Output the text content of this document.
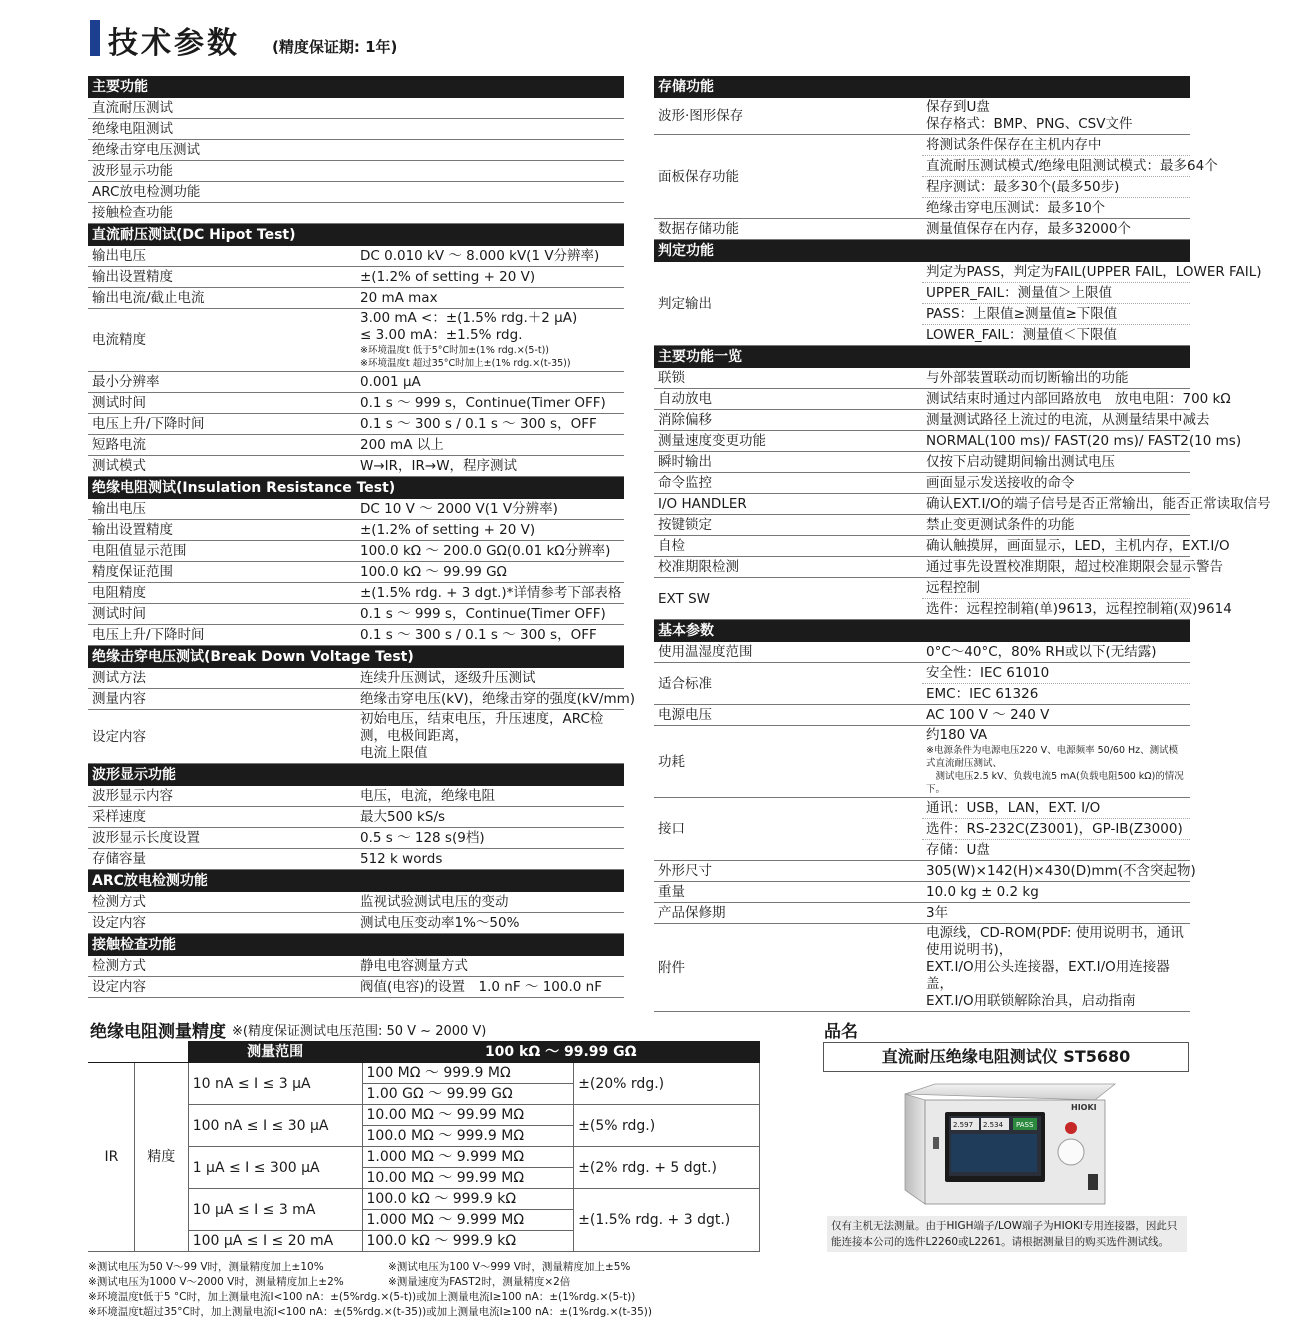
技术参数 (精度保证期: 1年)
主要功能	
直流耐压测试	
绝缘电阻测试	
绝缘击穿电压测试	
波形显示功能	
ARC放电检测功能	
接触检查功能	
直流耐压测试(DC Hipot Test)	
输出电压	DC 0.010 kV ～ 8.000 kV(1 V分辨率)
输出设置精度	±(1.2% of setting + 20 V)
输出电流/截止电流	20 mA max
电流精度	3.00 mA <：±(1.5% rdg.＋2 μA)
≤ 3.00 mA：±1.5% rdg.
※环境温度t 低于5°C时加±(1% rdg.×(5-t))
※环境温度t 超过35°C时加上±(1% rdg.×(t-35))

最小分辨率	0.001 μA
测试时间	0.1 s ～ 999 s，Continue(Timer OFF)
电压上升/下降时间	0.1 s ～ 300 s / 0.1 s ～ 300 s，OFF
短路电流	200 mA 以上
测试模式	W→IR，IR→W，程序测试
绝缘电阻测试(Insulation Resistance Test)	
输出电压	DC 10 V ～ 2000 V(1 V分辨率)
输出设置精度	±(1.2% of setting + 20 V)
电阻值显示范围	100.0 kΩ ～ 200.0 GΩ(0.01 kΩ分辨率)
精度保证范围	100.0 kΩ ～ 99.99 GΩ
电阻精度	±(1.5% rdg. + 3 dgt.)*详情参考下部表格
测试时间	0.1 s ～ 999 s，Continue(Timer OFF)
电压上升/下降时间	0.1 s ～ 300 s / 0.1 s ～ 300 s，OFF
绝缘击穿电压测试(Break Down Voltage Test)	
测试方法	连续升压测试，逐级升压测试
测量内容	绝缘击穿电压(kV)，绝缘击穿的强度(kV/mm)
设定内容	初始电压，结束电压，升压速度，ARC检测，电极间距离，
电流上限值

波形显示功能	
波形显示内容	电压，电流，绝缘电阻
采样速度	最大500 kS/s
波形显示长度设置	0.5 s ～ 128 s(9档)
存储容量	512 k words
ARC放电检测功能	
检测方式	监视试验测试电压的变动
设定内容	测试电压变动率1%～50%
接触检查功能	
检测方式	静电电容测量方式
设定内容	阀值(电容)的设置　1.0 nF ～ 100.0 nF
存储功能	
波形·图形保存	保存到U盘
保存格式：BMP、PNG、CSV文件

面板保存功能	将测试条件保存在主机内存中
	直流耐压测试模式/绝缘电阻测试模式：最多64个
	程序测试：最多30个(最多50步)
	绝缘击穿电压测试：最多10个
数据存储功能	测量值保存在内存，最多32000个
判定功能	
判定输出	判定为PASS，判定为FAIL(UPPER FAIL，LOWER FAIL)
	UPPER_FAIL：测量值＞上限值
	PASS：上限值≥测量值≥下限值
	LOWER_FAIL：测量值＜下限值
主要功能一览	
联锁	与外部装置联动而切断输出的功能
自动放电	测试结束时通过内部回路放电　放电电阻：700 kΩ
消除偏移	测量测试路径上流过的电流，从测量结果中减去
测量速度变更功能	NORMAL(100 ms)/ FAST(20 ms)/ FAST2(10 ms)
瞬时输出	仅按下启动键期间输出测试电压
命令监控	画面显示发送接收的命令
I/O HANDLER	确认EXT.I/O的端子信号是否正常输出，能否正常读取信号
按键锁定	禁止变更测试条件的功能
自检	确认触摸屏，画面显示，LED，主机内存，EXT.I/O
校准期限检测	通过事先设置校准期限，超过校准期限会显示警告
EXT SW	远程控制
	选件：远程控制箱(单)9613，远程控制箱(双)9614
基本参数	
使用温湿度范围	0°C～40°C，80% RH或以下(无结露)
适合标准	安全性：IEC 61010
	EMC：IEC 61326
电源电压	AC 100 V ～ 240 V
功耗	约180 VA
※电源条件为电源电压220 V、电源频率 50/60 Hz、测试模式直流耐压测试、
　测试电压2.5 kV、负载电流5 mA(负载电阻500 kΩ)的情况下。

接口	通讯：USB，LAN，EXT. I/O
	选件：RS-232C(Z3001)，GP-IB(Z3000)
	存储：U盘
外形尺寸	305(W)×142(H)×430(D)mm(不含突起物)
重量	10.0 kg ± 0.2 kg
产品保修期	3年
附件	电源线，CD-ROM(PDF: 使用说明书，通讯使用说明书)，
EXT.I/O用公头连接器，EXT.I/O用连接器盖，
EXT.I/O用联锁解除治具，启动指南
绝缘电阻测量精度 ※(精度保证测试电压范围: 50 V ~ 2000 V)
		测量范围	100 kΩ ～ 99.99 GΩ	
IR	精度	10 nA ≤ I ≤ 3 μA	100 MΩ ～ 999.9 MΩ	±(20% rdg.)
			1.00 GΩ ～ 99.99 GΩ	
		100 nA ≤ I ≤ 30 μA	10.00 MΩ ～ 99.99 MΩ	±(5% rdg.)
			100.0 MΩ ～ 999.9 MΩ	
		1 μA ≤ I ≤ 300 μA	1.000 MΩ ～ 9.999 MΩ	±(2% rdg. + 5 dgt.)
			10.00 MΩ ～ 99.99 MΩ	
		10 μA ≤ I ≤ 3 mA	100.0 kΩ ～ 999.9 kΩ	±(1.5% rdg. + 3 dgt.)
			1.000 MΩ ～ 9.999 MΩ	
		100 μA ≤ I ≤ 20 mA	100.0 kΩ ～ 999.9 kΩ	
※测试电压为50 V～99 V时，测量精度加上±10%	※测试电压为100 V～999 V时，测量精度加上±5%
※测试电压为1000 V～2000 V时，测量精度加上±2%	※测量速度为FAST2时，测量精度×2倍
※环境温度t低于5 °C时，加上测量电流I<100 nA：±(5%rdg.×(5-t))或加上测量电流I≥100 nA：±(1%rdg.×(5-t))
※环境温度t超过35°C时，加上测量电流I<100 nA：±(5%rdg.×(t-35))或加上测量电流I≥100 nA：±(1%rdg.×(t-35))
品名
直流耐压绝缘电阻测试仪 ST5680
2.597 2.534 PASS
HIOKI
仅有主机无法测量。由于HIGH端子/LOW端子为HIOKI专用连接器，因此只能连接本公司的选件L2260或L2261。请根据测量目的购买选件测试线。
